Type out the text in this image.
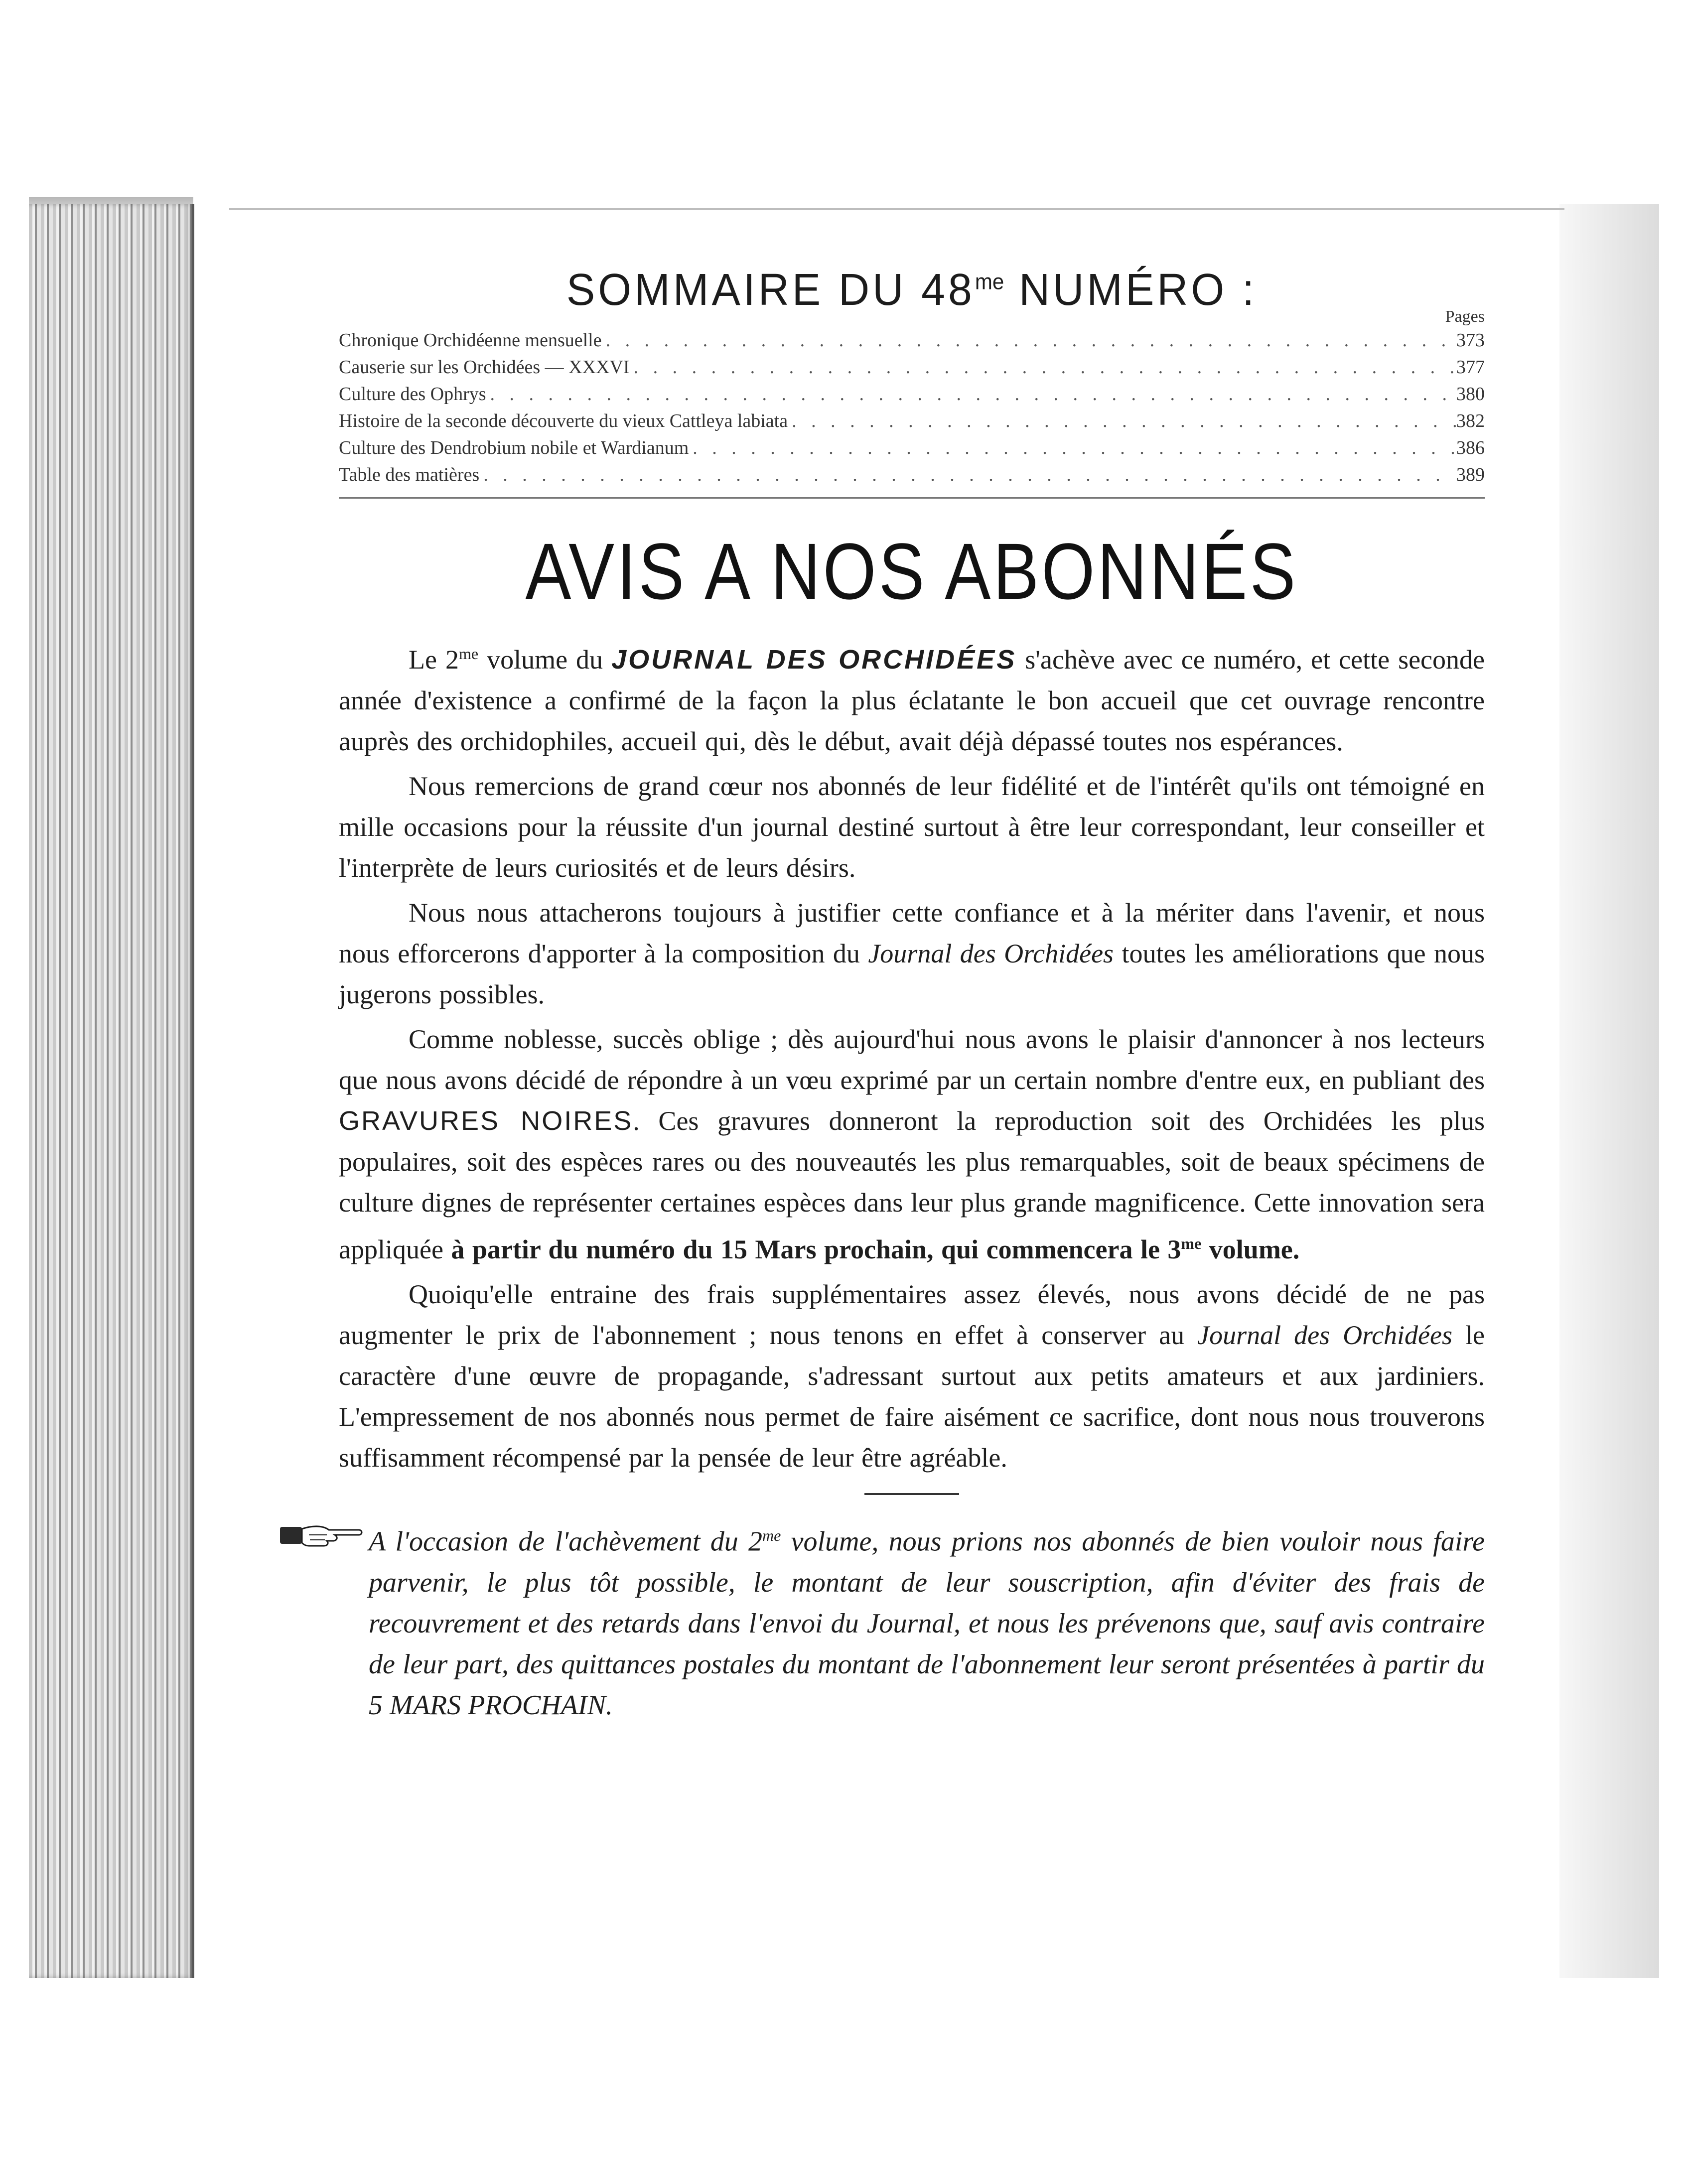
SOMMAIRE DU $48^{me}$ NUMÉRO :
Pages
Chronique Orchidéenne mensuelle . . .	373
Causerie sur les Orchidées — XXXVI . . .	377
Culture des Ophrys . . .	380
Histoire de la seconde découverte du vieux Cattleya labiata . . .	382
Culture des Dendrobium nobile et Wardianum . . .	386
Table des matières . . .	389
AVIS A NOS ABONNÉS

Le $2^{me}$ volume du JOURNAL DES ORCHIDÉES s'achève avec ce numéro, et cette seconde année d'existence a confirmé de la façon la plus éclatante le bon accueil que cet ouvrage rencontre auprès des orchidophiles, accueil qui, dès le début, avait déjà dépassé toutes nos espérances.

Nous remercions de grand cœur nos abonnés de leur fidélité et de l'intérêt qu'ils ont témoigné en mille occasions pour la réussite d'un journal destiné surtout à être leur correspondant, leur conseiller et l'interprète de leurs curiosités et de leurs désirs.

Nous nous attacherons toujours à justifier cette confiance et à la mériter dans l'avenir, et nous nous efforcerons d'apporter à la composition du Journal des Orchidées toutes les améliorations que nous jugerons possibles.

Comme noblesse, succès oblige ; dès aujourd'hui nous avons le plaisir d'annoncer à nos lecteurs que nous avons décidé de répondre à un vœu exprimé par un certain nombre d'entre eux, en publiant des GRAVURES NOIRES. Ces gravures donneront la reproduction soit des Orchidées les plus populaires, soit des espèces rares ou des nouveautés les plus remarquables, soit de beaux spécimens de culture dignes de représenter certaines espèces dans leur plus grande magnificence. Cette innovation sera appliquée à partir du numéro du 15 Mars prochain, qui commencera le $3^{me}$ volume.

Quoiqu'elle entraine des frais supplémentaires assez élevés, nous avons décidé de ne pas augmenter le prix de l'abonnement ; nous tenons en effet à conserver au Journal des Orchidées le caractère d'une œuvre de propagande, s'adressant surtout aux petits amateurs et aux jardiniers. L'empressement de nos abonnés nous permet de faire aisément ce sacrifice, dont nous nous trouverons suffisamment récompensé par la pensée de leur être agréable.

A l'occasion de l'achèvement du $2^{me}$ volume, nous prions nos abonnés de bien vouloir nous faire parvenir, le plus tôt possible, le montant de leur souscription, afin d'éviter des frais de recouvrement et des retards dans l'envoi du Journal, et nous les prévenons que, sauf avis contraire de leur part, des quittances postales du montant de l'abonnement leur seront présentées à partir du 5 MARS PROCHAIN.
